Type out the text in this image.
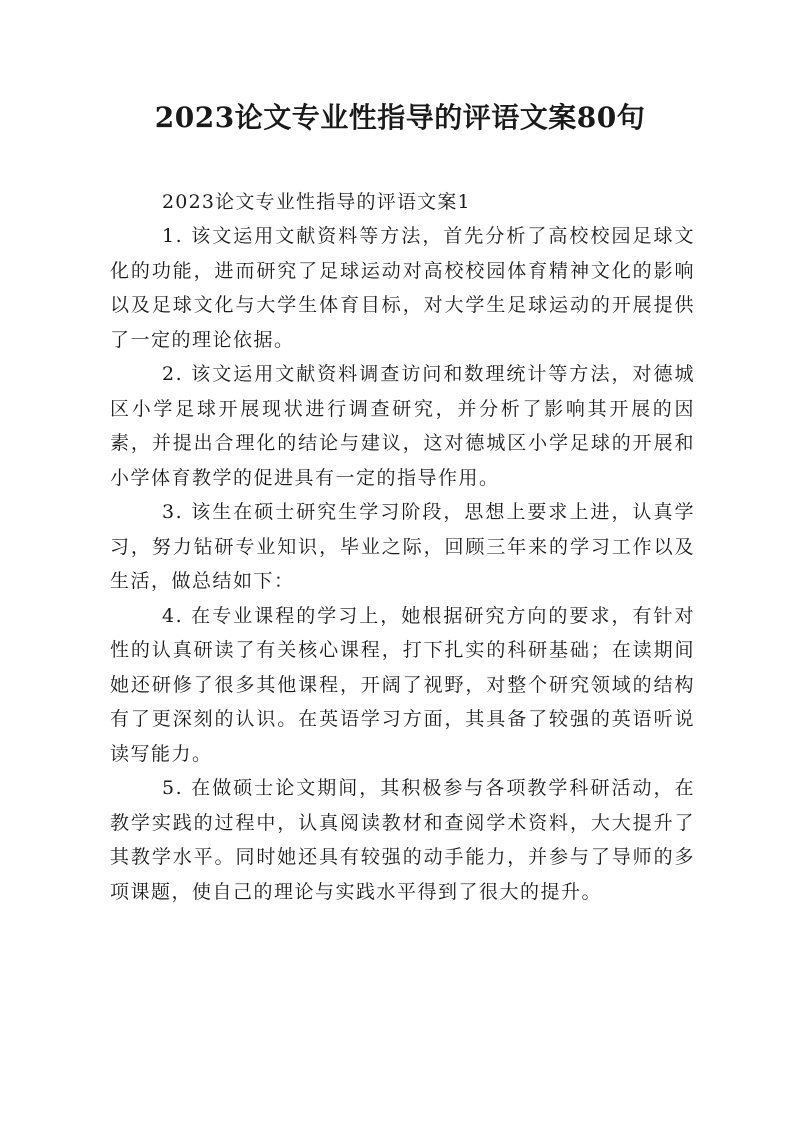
2023论文专业性指导的评语文案80句

2023论文专业性指导的评语文案1

1. 该文运用文献资料等方法，首先分析了高校校园足球文化的功能，进而研究了足球运动对高校校园体育精神文化的影响以及足球文化与大学生体育目标，对大学生足球运动的开展提供了一定的理论依据。

2. 该文运用文献资料调查访问和数理统计等方法，对德城区小学足球开展现状进行调查研究，并分析了影响其开展的因素，并提出合理化的结论与建议，这对德城区小学足球的开展和小学体育教学的促进具有一定的指导作用。

3. 该生在硕士研究生学习阶段，思想上要求上进，认真学习，努力钻研专业知识，毕业之际，回顾三年来的学习工作以及生活，做总结如下：

4. 在专业课程的学习上，她根据研究方向的要求，有针对性的认真研读了有关核心课程，打下扎实的科研基础；在读期间她还研修了很多其他课程，开阔了视野，对整个研究领域的结构有了更深刻的认识。在英语学习方面，其具备了较强的英语听说读写能力。

5. 在做硕士论文期间，其积极参与各项教学科研活动，在教学实践的过程中，认真阅读教材和查阅学术资料，大大提升了其教学水平。同时她还具有较强的动手能力，并参与了导师的多项课题，使自己的理论与实践水平得到了很大的提升。
